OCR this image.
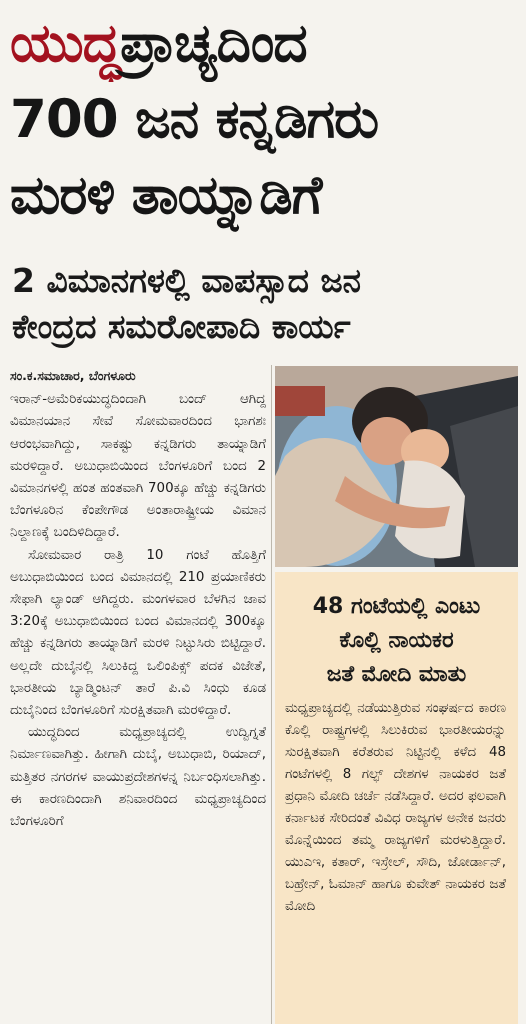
ಯುದ್ಧಪ್ರಾಚ್ಯದಿಂದ
700 ಜನ ಕನ್ನಡಿಗರು
ಮರಳಿ ತಾಯ್ನಾಡಿಗೆ
2 ವಿಮಾನಗಳಲ್ಲಿ ವಾಪಸ್ಸಾದ ಜನ
ಕೇಂದ್ರದ ಸಮರೋಪಾದಿ ಕಾರ್ಯ
ಸಂ.ಕ.ಸಮಾಚಾರ, ಬೆಂಗಳೂರು

ಇರಾನ್-ಅಮೆರಿಕಯುದ್ಧದಿಂದಾಗಿ ಬಂದ್ ಆಗಿದ್ದ ವಿಮಾನಯಾನ ಸೇವೆ ಸೋಮವಾರದಿಂದ ಭಾಗಶಃ ಆರಂಭವಾಗಿದ್ದು, ಸಾಕಷ್ಟು ಕನ್ನಡಿಗರು ತಾಯ್ನಾಡಿಗೆ ಮರಳಿದ್ದಾರೆ. ಅಬುಧಾಬಿಯಿಂದ ಬೆಂಗಳೂರಿಗೆ ಬಂದ 2 ವಿಮಾನಗಳಲ್ಲಿ ಹಂತ ಹಂತವಾಗಿ 700ಕ್ಕೂ ಹೆಚ್ಚು ಕನ್ನಡಿಗರು ಬೆಂಗಳೂರಿನ ಕೆಂಪೇಗೌಡ ಅಂತಾರಾಷ್ಟ್ರೀಯ ವಿಮಾನ ನಿಲ್ದಾಣಕ್ಕೆ ಬಂದಿಳಿದಿದ್ದಾರೆ.

ಸೋಮವಾರ ರಾತ್ರಿ 10 ಗಂಟೆ ಹೊತ್ತಿಗೆ ಅಬುಧಾಬಿಯಿಂದ ಬಂದ ವಿಮಾನದಲ್ಲಿ 210 ಪ್ರಯಾಣಿಕರು ಸೇಫಾಗಿ ಲ್ಯಾಂಡ್ ಆಗಿದ್ದರು. ಮಂಗಳವಾರ ಬೆಳಗಿನ ಜಾವ 3:20ಕ್ಕೆ ಅಬುಧಾಬಿಯಿಂದ ಬಂದ ವಿಮಾನದಲ್ಲಿ 300ಕ್ಕೂ ಹೆಚ್ಚು ಕನ್ನಡಿಗರು ತಾಯ್ನಾಡಿಗೆ ಮರಳಿ ನಿಟ್ಟುಸಿರು ಬಿಟ್ಟಿದ್ದಾರೆ. ಅಲ್ಲದೇ ದುಬೈನಲ್ಲಿ ಸಿಲುಕಿದ್ದ ಒಲಿಂಪಿಕ್ಸ್ ಪದಕ ವಿಜೇತೆ, ಭಾರತೀಯ ಬ್ಯಾಡ್ಮಿಂಟನ್ ತಾರೆ ಪಿ.ವಿ ಸಿಂಧು ಕೂಡ ದುಬೈನಿಂದ ಬೆಂಗಳೂರಿಗೆ ಸುರಕ್ಷಿತವಾಗಿ ಮರಳಿದ್ದಾರೆ.

ಯುದ್ಧದಿಂದ ಮಧ್ಯಪ್ರಾಚ್ಯದಲ್ಲಿ ಉದ್ವಿಗ್ನತೆ ನಿರ್ಮಾಣವಾಗಿತ್ತು. ಹೀಗಾಗಿ ದುಬೈ, ಅಬುಧಾಬಿ, ರಿಯಾದ್, ಮತ್ತಿತರ ನಗರಗಳ ವಾಯುಪ್ರದೇಶಗಳನ್ನ ನಿರ್ಬಂಧಿಸಲಾಗಿತ್ತು. ಈ ಕಾರಣದಿಂದಾಗಿ ಶನಿವಾರದಿಂದ ಮಧ್ಯಪ್ರಾಚ್ಯದಿಂದ ಬೆಂಗಳೂರಿಗೆ

48 ಗಂಟೆಯಲ್ಲಿ ಎಂಟು
ಕೊಲ್ಲಿ ನಾಯಕರ
ಜತೆ ಮೋದಿ ಮಾತು
ಮಧ್ಯಪ್ರಾಚ್ಯದಲ್ಲಿ ನಡೆಯುತ್ತಿರುವ ಸಂಘರ್ಷದ ಕಾರಣ ಕೊಲ್ಲಿ ರಾಷ್ಟ್ರಗಳಲ್ಲಿ ಸಿಲುಕಿರುವ ಭಾರತೀಯರನ್ನು ಸುರಕ್ಷಿತವಾಗಿ ಕರೆತರುವ ನಿಟ್ಟಿನಲ್ಲಿ ಕಳೆದ 48 ಗಂಟೆಗಳಲ್ಲಿ 8 ಗಲ್ಫ್ ದೇಶಗಳ ನಾಯಕರ ಜತೆ ಪ್ರಧಾನಿ ಮೋದಿ ಚರ್ಚೆ ನಡೆಸಿದ್ದಾರೆ. ಅದರ ಫಲವಾಗಿ ಕರ್ನಾಟಕ ಸೇರಿದಂತೆ ವಿವಿಧ ರಾಜ್ಯಗಳ ಅನೇಕ ಜನರು ಮೊನ್ನೆಯಿಂದ ತಮ್ಮ ರಾಜ್ಯಗಳಿಗೆ ಮರಳುತ್ತಿದ್ದಾರೆ. ಯುಎಇ, ಕತಾರ್, ಇಸ್ರೇಲ್, ಸೌದಿ, ಜೋರ್ಡಾನ್, ಬಹ್ರೇನ್, ಓಮಾನ್ ಹಾಗೂ ಕುವೇತ್ ನಾಯಕರ ಜತೆ ಮೋದಿ
